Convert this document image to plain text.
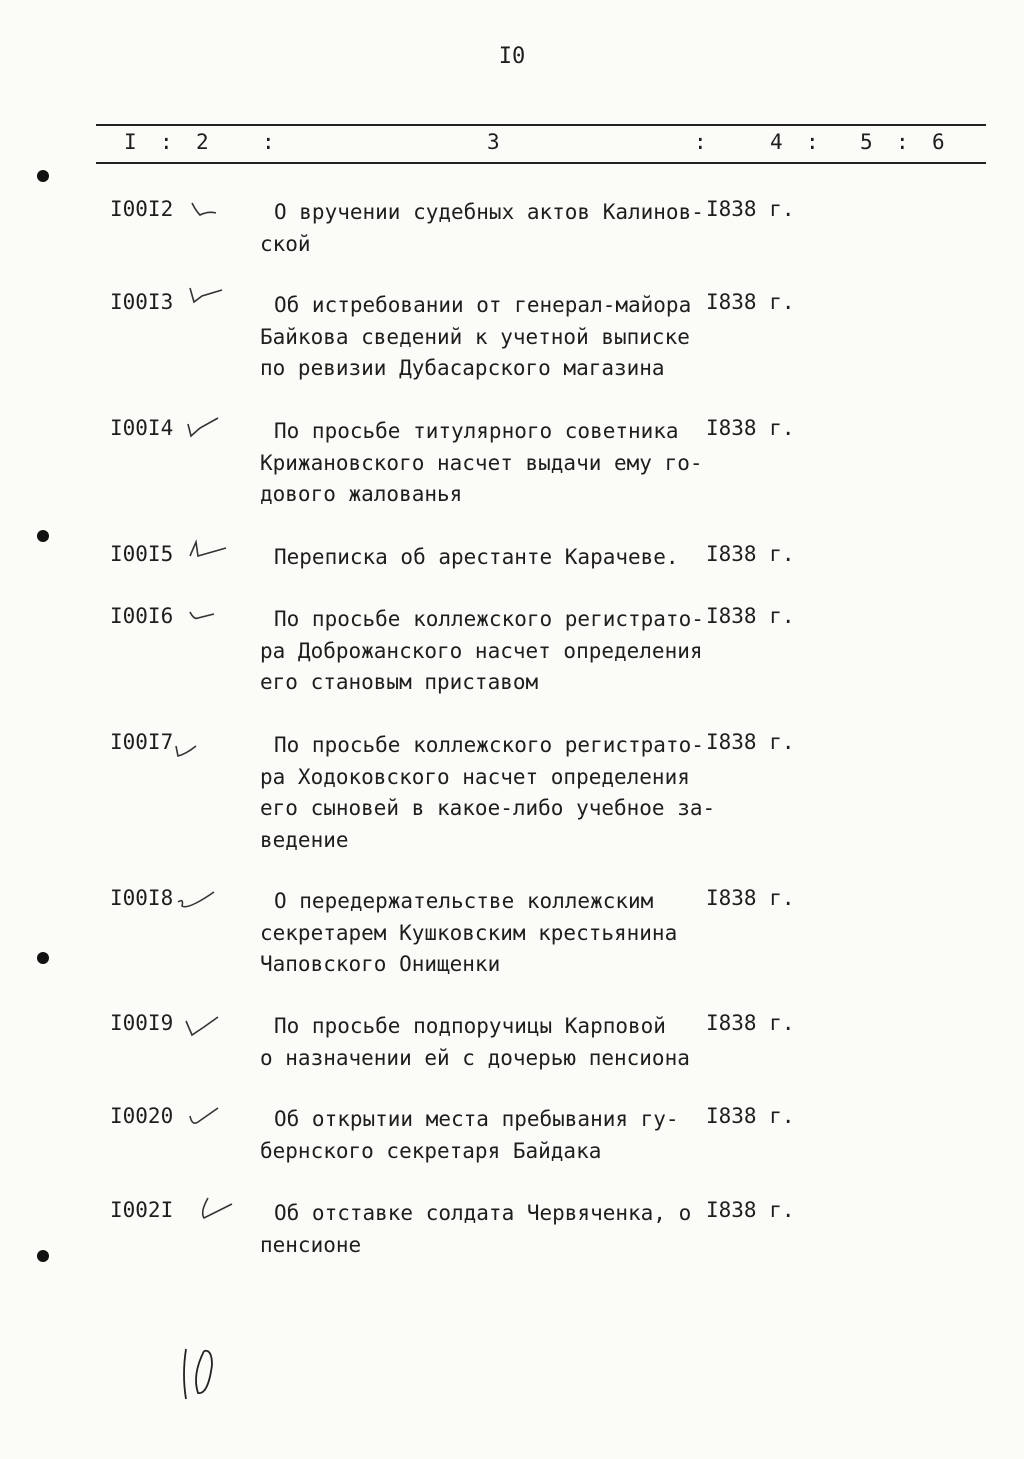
I0
I : 2	:	3	:	4 : 5 : 6
I00I2	О вручении судебных актов Калинов-
ской
I838 г.
I00I3	Об истребовании от генерал-майора
Байкова сведений к учетной выписке
по ревизии Дубасарского магазина
I838 г.
I00I4	По просьбе титулярного советника
Крижановского насчет выдачи ему го-
дового жалованья
I838 г.
I00I5	Переписка об арестанте Карачеве.	I838 г.
I00I6	По просьбе коллежского регистрато-
ра Доброжанского насчет определения
его становым приставом
I838 г.
I00I7	По просьбе коллежского регистрато-
ра Ходоковского насчет определения
его сыновей в какое-либо учебное за-
ведение
I838 г.
I00I8	О передержательстве коллежским
секретарем Кушковским крестьянина
Чаповского Онищенки
I838 г.
I00I9	По просьбе подпоручицы Карповой
о назначении ей с дочерью пенсиона
I838 г.
I0020	Об открытии места пребывания гу-
бернского секретаря Байдака
I838 г.
I002I	Об отставке солдата Червяченка, о
пенсионе
I838 г.
